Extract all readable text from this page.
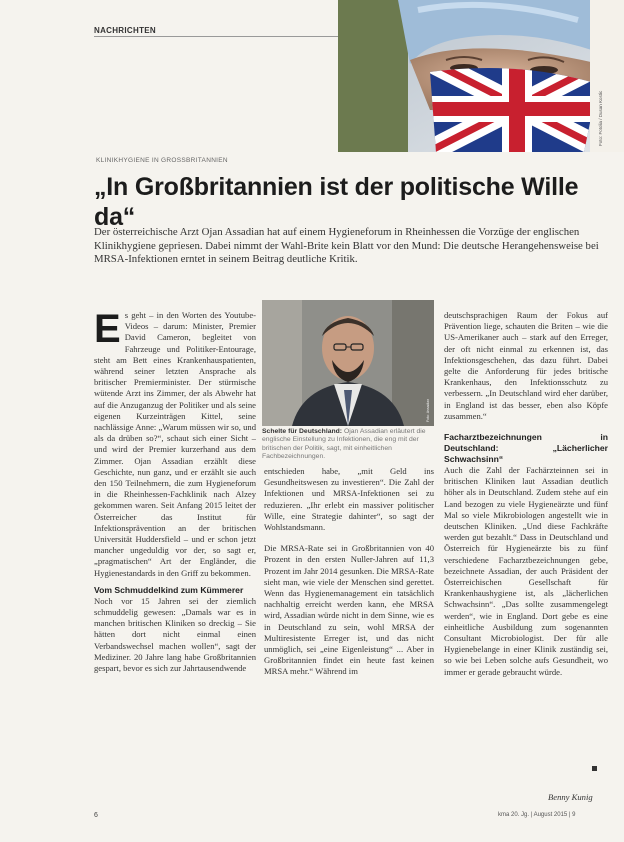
NACHRICHTEN
Foto: Fotolia / Dusan Kostic
KLINIKHYGIENE IN GROSSBRITANNIEN
„In Großbritannien ist der politische Wille da“

Der österreichische Arzt Ojan Assadian hat auf einem Hygieneforum in Rheinhessen die Vorzüge der englischen Klinikhygiene gepriesen. Dabei nimmt der Wahl-Brite kein Blatt vor den Mund: Die deutsche Herangehensweise bei MRSA-Infektionen erntet in seinem Beitrag deutliche Kritik.

E s geht – in den Worten des Youtube-Videos – darum: Minister, Premier David Cameron, begleitet von Fahrzeuge und Politiker-Entourage, steht am Bett eines Krankenhauspatienten, während seiner letzten Ansprache als britischer Premierminister. Der stürmische wütende Arzt ins Zimmer, der als Abwehr hat auf die Anzuganzug der Politiker und als seine eigenen Kurzeinträgen Kittel, seine nachlässige Anne: „Warum müssen wir so, und als da drüben so?“, schaut sich einer Sicht – und wird der Premier kurzerhand aus dem Zimmer. Ojan Assadian erzählt diese Geschichte, nun ganz, und er erzählt sie auch den 150 Teilnehmern, die zum Hygieneforum in die Rheinhessen-Fachklinik nach Alzey gekommen waren. Seit Anfang 2015 leitet der Österreicher das Institut für Infektionsprävention an der britischen Universität Huddersfield – und er schon jetzt mancher ungeduldig vor der, so sagt er, „pragmatischen“ Art der Engländer, die Hygienestandards in den Griff zu bekommen.
Vom Schmuddelkind zum Kümmerer
Noch vor 15 Jahren sei der ziemlich schmuddelig gewesen: „Damals war es in manchen britischen Kliniken so dreckig – Sie hätten dort nicht einmal einen Verbandswechsel machen wollen“, sagt der Mediziner. 20 Jahre lang habe Großbritannien gespart, bevor es sich zur Jahrtausendwende
Foto: Assadian
Schelte für Deutschland: Ojan Assadian erläutert die englische Einstellung zu Infektionen, die eng mit der britischen der Politik, sagt, mit einheitlichen Fachbezeichnungen.

entschieden habe, „mit Geld ins Gesundheitswesen zu investieren“. Die Zahl der Infektionen und MRSA-Infektionen sei zu reduzieren. „Ihr erlebt ein massiver politischer Wille, eine Strategie dahinter“, so sagt der Wohlstandsmann.

Die MRSA-Rate sei in Großbritannien von 40 Prozent in den ersten Nuller-Jahren auf 11,3 Prozent im Jahr 2014 gesunken. Die MRSA-Rate sieht man, wie viele der Menschen sind gerettet. Wenn das Hygienemanagement ein tatsächlich nachhaltig erreicht werden kann, ehe MRSA wird, Assadian würde nicht in dem Sinne, wie es in Deutschland zu sein, wohl MRSA der Multiresistente Erreger ist, und das nicht unmöglich, sei „eine Eigenleistung“ ... Aber in Großbritannien findet ein heute fast keinen MRSA mehr.“ Während im

deutschsprachigen Raum der Fokus auf Prävention liege, schauten die Briten – wie die US-Amerikaner auch – stark auf den Erreger, der oft nicht einmal zu erkennen ist, das Infektionsgeschehen, das dazu führt. Dabei gelte die Anforderung für jedes britische Krankenhaus, den Infektionsschutz zu verbessern. „In Deutschland wird eher darüber, in England ist das besser, eben also Köpfe zusammen.“

Facharztbezeichnungen in Deutschland: „Lächerlicher Schwachsinn“

Auch die Zahl der Fachärzteinnen sei in britischen Kliniken laut Assadian deutlich höher als in Deutschland. Zudem stehe auf ein Land bezogen zu viele Hygieneärzte und fünf Mal so viele Mikrobiologen angestellt wie in deutschen Kliniken. „Und diese Fachkräfte werden gut bezahlt.“ Dass in Deutschland und Österreich für Hygieneärzte bis zu fünf verschiedene Facharztbezeichnungen gebe, bezeichnete Assadian, der auch Präsident der Österreichischen Gesellschaft für Krankenhaushygiene ist, als „lächerlichen Schwachsinn“. „Das sollte zusammengelegt werden“, wie in England. Dort gebe es eine einheitliche Ausbildung zum sogenannten Consultant Microbiologist. Der für alle Hygienebelange in einer Klinik zuständig sei, so wie bei Leben solche aufs Gesundheit, wo immer er gerade gebraucht würde.

Benny Kunig
6	kma 20. Jg. | August 2015 | 9
